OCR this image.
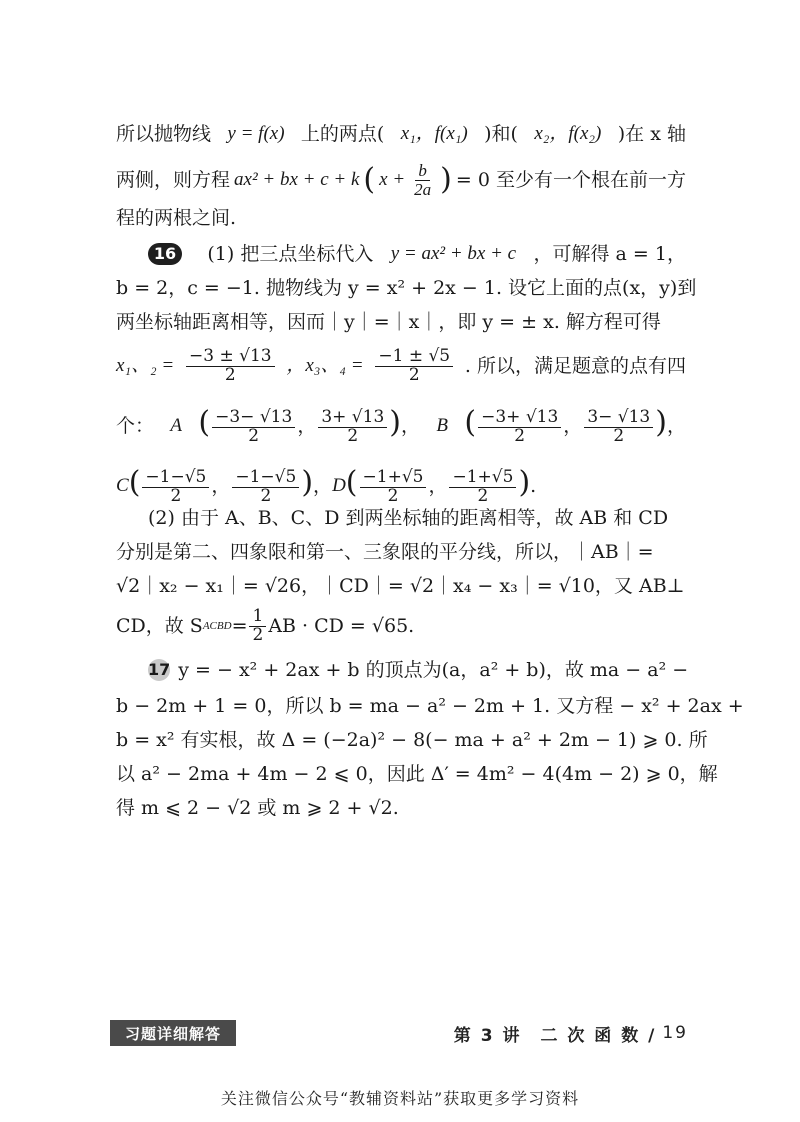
所以抛物线 y = f(x) 上的两点( x₁，f(x₁) )和( x₂，f(x₂) )在 x 轴
两侧，则方程 ax² + bx + c + k ( $x + \frac{b}{2a}$ ) = 0 至少有一个根在前一方
程的两根之间.
16	(1) 把三点坐标代入 y = ax² + bx + c ，可解得 a = 1，
b = 2，c = −1. 抛物线为 y = x² + 2x − 1. 设它上面的点(x，y)到
两坐标轴距离相等，因而｜y｜=｜x｜，即 y = ± x. 解方程可得
x₁、$_2 = \frac{-3 \pm √13}{2}$ ，x₃、$_4 = \frac{-1 \pm √5}{2}$ . 所以，满足题意的点有四
个： A ( $\frac{-3- √13}{2}$ ， $\frac{3+ √13}{2}$ )， B ( $\frac{-3+ √13}{2}$ ， $\frac{3- √13}{2}$ )，
C ( $\frac{-1-√5}{2}$ ， $\frac{-1-√5}{2}$ )， D ( $\frac{-1+√5}{2}$ ， $\frac{-1+√5}{2}$ ).
(2) 由于 A、B、C、D 到两坐标轴的距离相等，故 AB 和 CD
分别是第二、四象限和第一、三象限的平分线，所以，｜AB｜=
√2｜x₂ − x₁｜= √26，｜CD｜= √2｜x₄ − x₃｜= √10，又 AB⊥
CD，故 S ACBD = $\frac{1}{2}$ AB · CD = √65.
17 y = − x² + 2ax + b 的顶点为(a，a² + b)，故 ma − a² −
b − 2m + 1 = 0，所以 b = ma − a² − 2m + 1. 又方程 − x² + 2ax +
b = x² 有实根，故 Δ = (−2a)² − 8(− ma + a² + 2m − 1) ⩾ 0. 所
以 a² − 2ma + 4m − 2 ⩽ 0，因此 Δ′ = 4m² − 4(4m − 2) ⩾ 0，解
得 m ⩽ 2 − √2 或 m ⩾ 2 + √2.
习题详细解答	第 3 讲　二 次 函 数 / 19
关注微信公众号“教辅资料站”获取更多学习资料
